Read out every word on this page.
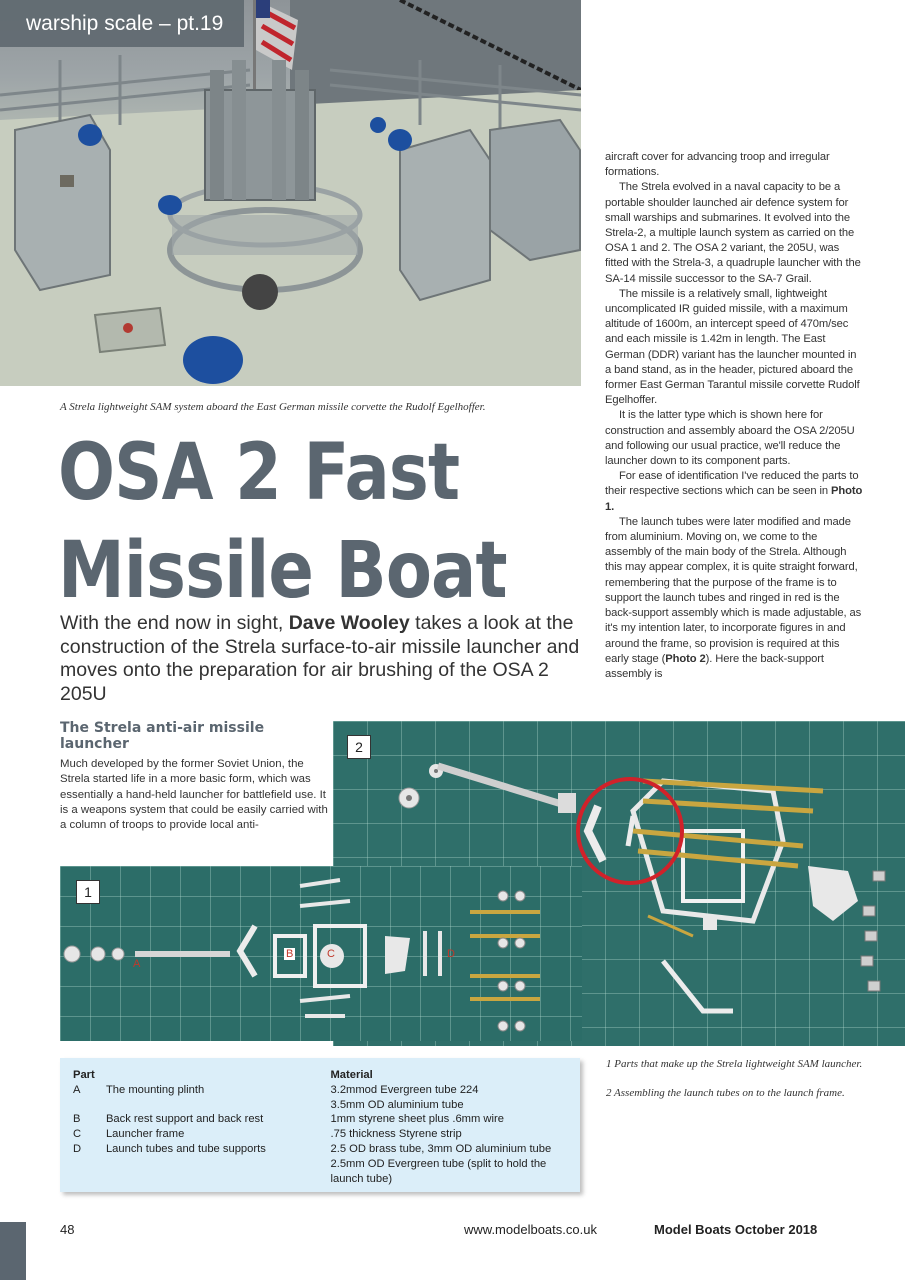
warship scale – pt.19
A Strela lightweight SAM system aboard the East German missile corvette the Rudolf Egelhoffer.
OSA 2 Fast
Missile Boat
With the end now in sight, Dave Wooley takes a look at the construction of the Strela surface-to-air missile launcher and moves onto the preparation for air brushing of the OSA 2 205U
The Strela anti-air missile launcher
Much developed by the former Soviet Union, the Strela started life in a more basic form, which was essentially a hand-held launcher for battlefield use. It is a weapons system that could be easily carried with a column of troops to provide local anti-

aircraft cover for advancing troop and irregular formations.

The Strela evolved in a naval capacity to be a portable shoulder launched air defence system for small warships and submarines. It evolved into the Strela-2, a multiple launch system as carried on the OSA 1 and 2. The OSA 2 variant, the 205U, was fitted with the Strela-3, a quadruple launcher with the SA-14 missile successor to the SA-7 Grail.

The missile is a relatively small, lightweight uncomplicated IR guided missile, with a maximum altitude of 1600m, an intercept speed of 470m/sec and each missile is 1.42m in length. The East German (DDR) variant has the launcher mounted in a band stand, as in the header, pictured aboard the former East German Tarantul missile corvette Rudolf Egelhoffer.

It is the latter type which is shown here for construction and assembly aboard the OSA 2/205U and following our usual practice, we'll reduce the launcher down to its component parts.

For ease of identification I've reduced the parts to their respective sections which can be seen in Photo 1.

The launch tubes were later modified and made from aluminium. Moving on, we come to the assembly of the main body of the Strela. Although this may appear complex, it is quite straight forward, remembering that the purpose of the frame is to support the launch tubes and ringed in red is the back-support assembly which is made adjustable, as it's my intention later, to incorporate figures in and around the frame, so provision is required at this early stage (Photo 2). Here the back-support assembly is

2
1
A
B	C	D
1 Parts that make up the Strela lightweight SAM launcher.
2 Assembling the launch tubes on to the launch frame.
Part		Material
A	The mounting plinth	3.2mmod Evergreen tube 224
		3.5mm OD aluminium tube
B	Back rest support and back rest	1mm styrene sheet plus .6mm wire
C	Launcher frame	.75 thickness Styrene strip
D	Launch tubes and tube supports	2.5 OD brass tube, 3mm OD aluminium tube
		2.5mm OD Evergreen tube (split to hold the launch tube)
48	www.modelboats.co.uk	Model Boats October 2018
